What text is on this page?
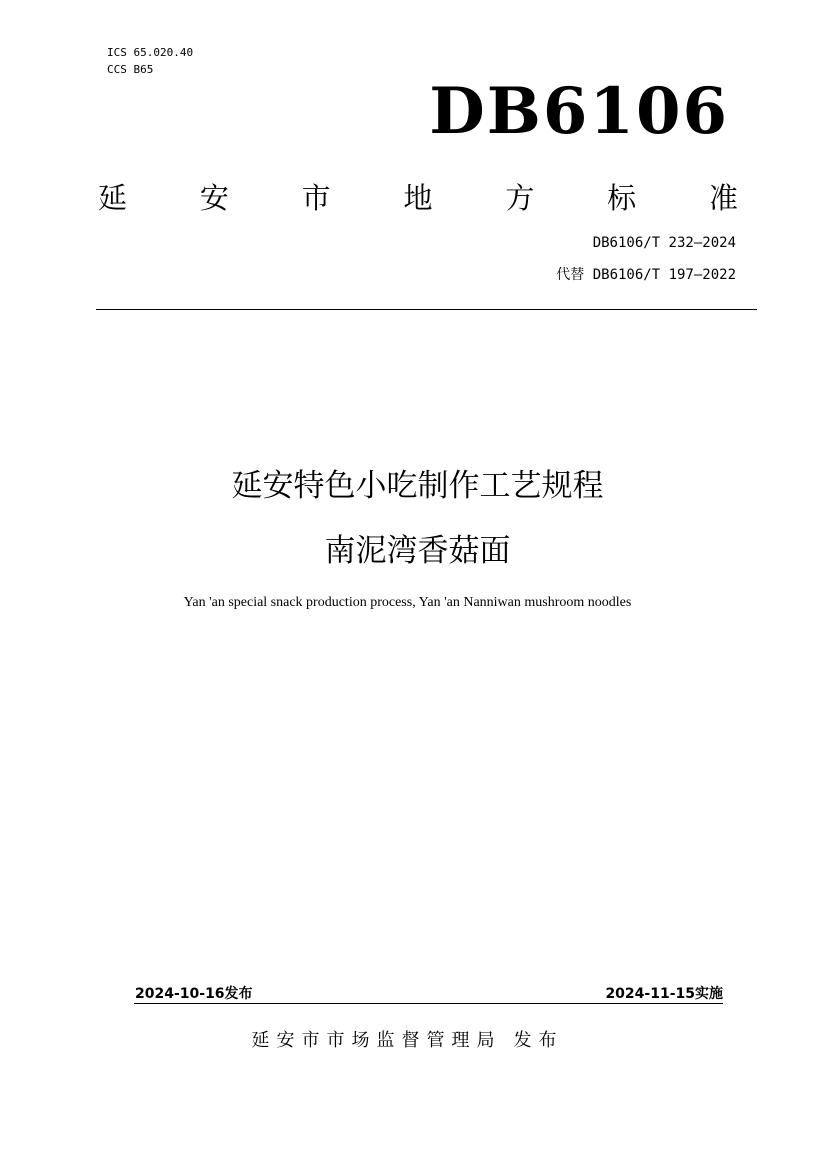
ICS 65.020.40
CCS B65
DB6106
延	安	市	地	方	标	准
DB6106/T 232—2024
代替 DB6106/T 197—2022
延安特色小吃制作工艺规程
南泥湾香菇面
Yan 'an special snack production process, Yan 'an Nanniwan mushroom noodles
2024-10-16发布	2024-11-15实施
延安市市场监督管理局 发布
